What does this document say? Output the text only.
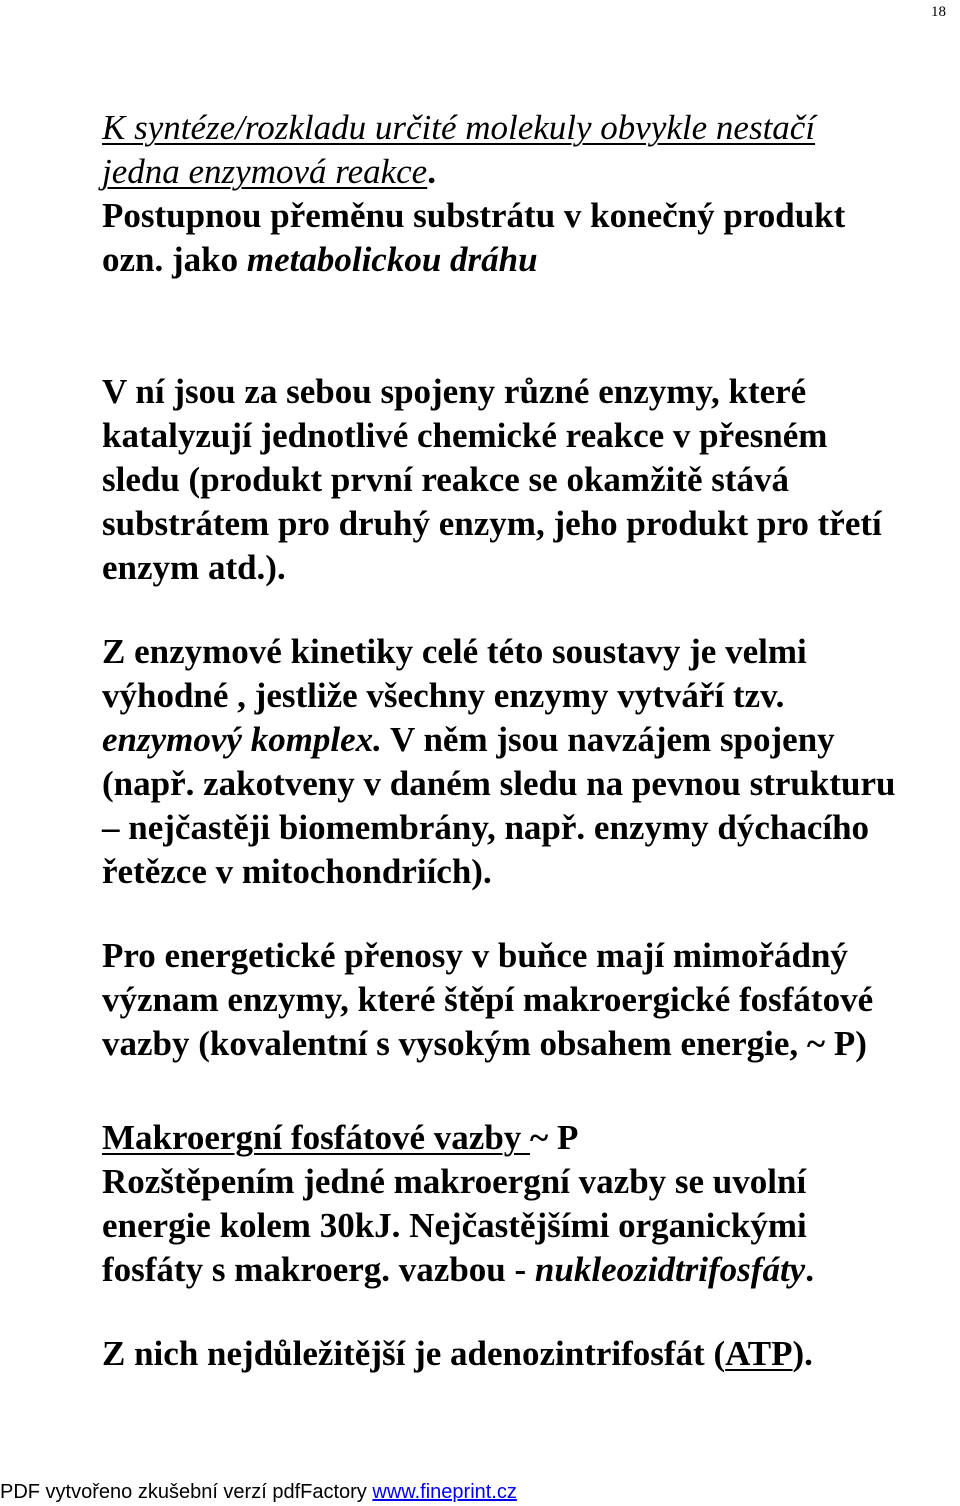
18
K syntéze/rozkladu určité molekuly obvykle nestačí
jedna enzymová reakce.
Postupnou přeměnu substrátu v konečný produkt
ozn. jako metabolickou dráhu
V ní jsou za sebou spojeny různé enzymy, které
katalyzují jednotlivé chemické reakce v přesném
sledu (produkt první reakce se okamžitě stává
substrátem pro druhý enzym, jeho produkt pro třetí
enzym atd.).
Z enzymové kinetiky celé této soustavy je velmi
výhodné , jestliže všechny enzymy vytváří tzv.
enzymový komplex. V něm jsou navzájem spojeny
(např. zakotveny v daném sledu na pevnou strukturu
– nejčastěji biomembrány, např. enzymy dýchacího
řetězce v mitochondriích).
Pro energetické přenosy v buňce mají mimořádný
význam enzymy, které štěpí makroergické fosfátové
vazby (kovalentní s vysokým obsahem energie, ~ P)
Makroergní fosfátové vazby ~ P
Rozštěpením jedné makroergní vazby se uvolní
energie kolem 30kJ. Nejčastějšími organickými
fosfáty s makroerg. vazbou - nukleozidtrifosfáty.
Z nich nejdůležitější je adenozintrifosfát (ATP).
PDF vytvořeno zkušební verzí pdfFactory www.fineprint.cz
